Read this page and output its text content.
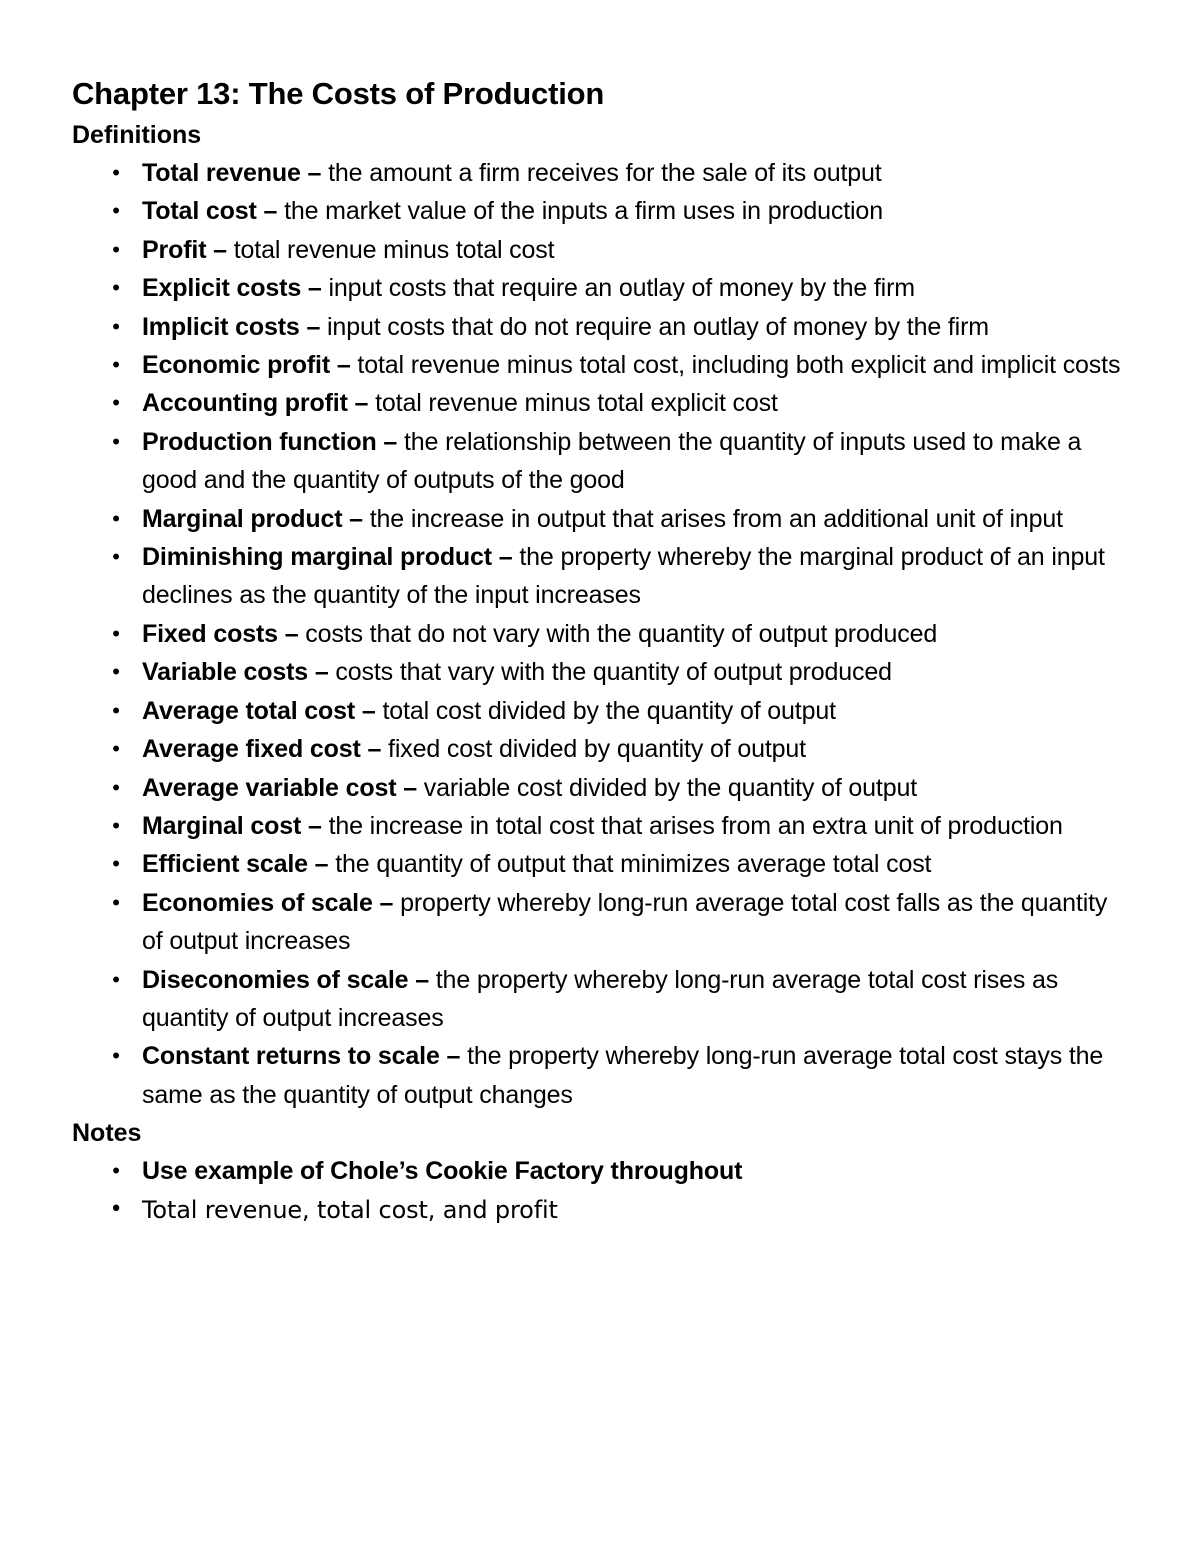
Chapter 13: The Costs of Production
Definitions
• Total revenue – the amount a firm receives for the sale of its output
• Total cost – the market value of the inputs a firm uses in production
• Profit – total revenue minus total cost
• Explicit costs – input costs that require an outlay of money by the firm
• Implicit costs – input costs that do not require an outlay of money by the firm
• Economic profit – total revenue minus total cost, including both explicit and implicit costs
• Accounting profit – total revenue minus total explicit cost
• Production function – the relationship between the quantity of inputs used to make a good and the quantity of outputs of the good
• Marginal product – the increase in output that arises from an additional unit of input
• Diminishing marginal product – the property whereby the marginal product of an input declines as the quantity of the input increases
• Fixed costs – costs that do not vary with the quantity of output produced
• Variable costs – costs that vary with the quantity of output produced
• Average total cost – total cost divided by the quantity of output
• Average fixed cost – fixed cost divided by quantity of output
• Average variable cost – variable cost divided by the quantity of output
• Marginal cost – the increase in total cost that arises from an extra unit of production
• Efficient scale – the quantity of output that minimizes average total cost
• Economies of scale – property whereby long-run average total cost falls as the quantity of output increases
• Diseconomies of scale – the property whereby long-run average total cost rises as quantity of output increases
• Constant returns to scale – the property whereby long-run average total cost stays the same as the quantity of output changes
Notes
• Use example of Chole’s Cookie Factory throughout
• Total revenue, total cost, and profit
